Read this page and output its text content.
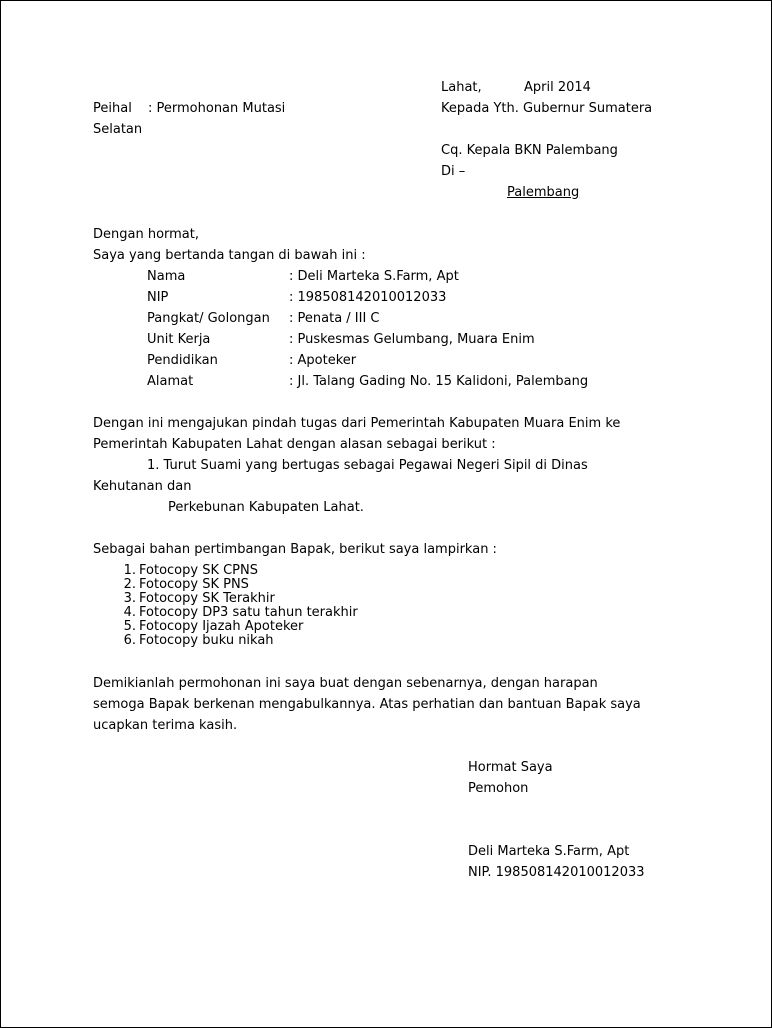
Lahat,	April 2014
Peihal : Permohonan Mutasi	Kepada Yth. Gubernur Sumatera
Selatan
Cq. Kepala BKN Palembang
Di –
Palembang
Dengan hormat,
Saya yang bertanda tangan di bawah ini :
Nama	: Deli Marteka S.Farm, Apt
NIP	: 198508142010012033
Pangkat/ Golongan : Penata / III C
Unit Kerja	: Puskesmas Gelumbang, Muara Enim
Pendidikan	: Apoteker
Alamat	: Jl. Talang Gading No. 15 Kalidoni, Palembang
Dengan ini mengajukan pindah tugas dari Pemerintah Kabupaten Muara Enim ke
Pemerintah Kabupaten Lahat dengan alasan sebagai berikut :
1. Turut Suami yang bertugas sebagai Pegawai Negeri Sipil di Dinas
Kehutanan dan
Perkebunan Kabupaten Lahat.
Sebagai bahan pertimbangan Bapak, berikut saya lampirkan :
1. Fotocopy SK CPNS
2. Fotocopy SK PNS
3. Fotocopy SK Terakhir
4. Fotocopy DP3 satu tahun terakhir
5. Fotocopy Ijazah Apoteker
6. Fotocopy buku nikah
Demikianlah permohonan ini saya buat dengan sebenarnya, dengan harapan
semoga Bapak berkenan mengabulkannya. Atas perhatian dan bantuan Bapak saya
ucapkan terima kasih.
Hormat Saya
Pemohon
Deli Marteka S.Farm, Apt
NIP. 198508142010012033
